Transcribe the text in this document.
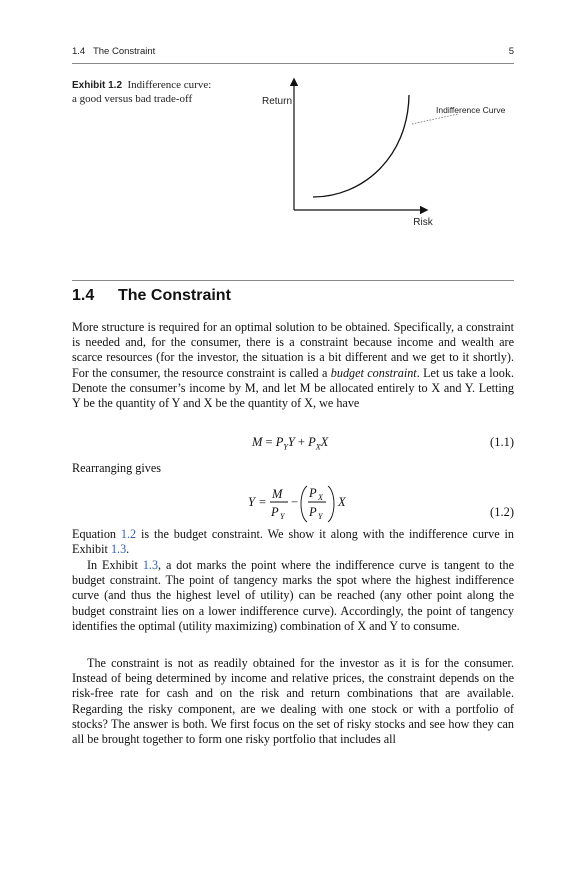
1.4   The Constraint	5
Exhibit 1.2 Indifference curve: a good versus bad trade-off	Return
Risk
Indifference Curve
1.4 The Constraint

More structure is required for an optimal solution to be obtained. Specifically, a constraint is needed and, for the consumer, there is a constraint because income and wealth are scarce resources (for the investor, the situation is a bit different and we get to it shortly). For the consumer, the resource constraint is called a budget constraint. Let us take a look. Denote the consumer’s income by M, and let M be allocated entirely to X and Y. Letting Y be the quantity of Y and X be the quantity of X, we have

$M = P_YY + P_XX$	(1.1)

Rearranging gives

Y =
M
P Y
−
P X
P Y
X
(1.2)

Equation 1.2 is the budget constraint. We show it along with the indifference curve in Exhibit 1.3.

In Exhibit 1.3, a dot marks the point where the indifference curve is tangent to the budget constraint. The point of tangency marks the spot where the highest indifference curve (and thus the highest level of utility) can be reached (any other point along the budget constraint lies on a lower indifference curve). Accordingly, the point of tangency identifies the optimal (utility maximizing) combination of X and Y to consume.

The constraint is not as readily obtained for the investor as it is for the consumer. Instead of being determined by income and relative prices, the constraint depends on the risk-free rate for cash and on the risk and return combinations that are available. Regarding the risky component, are we dealing with one stock or with a portfolio of stocks? The answer is both. We first focus on the set of risky stocks and see how they can all be brought together to form one risky portfolio that includes all
